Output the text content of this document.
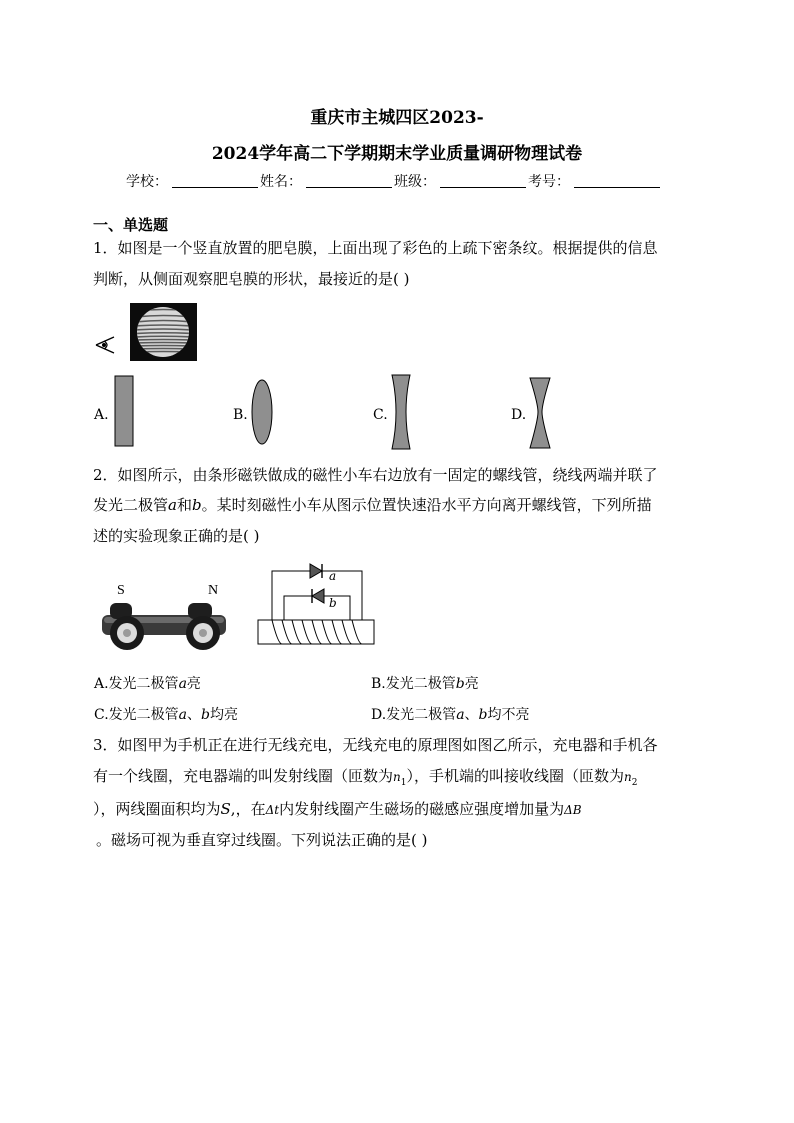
重庆市主城四区2023-
2024学年高二下学期期末学业质量调研物理试卷
学校：	姓名：	班级：	考号：
一、单选题
1．如图是一个竖直放置的肥皂膜，上面出现了彩色的上疏下密条纹。根据提供的信息
判断，从侧面观察肥皂膜的形状，最接近的是( )
A.	B.	C.	D.
2．如图所示，由条形磁铁做成的磁性小车右边放有一固定的螺线管，绕线两端并联了
发光二极管a和b。某时刻磁性小车从图示位置快速沿水平方向离开螺线管，下列所描
述的实验现象正确的是( )
S	N
a
b
A.发光二极管a亮	B.发光二极管b亮
C.发光二极管a、b均亮	D.发光二极管a、b均不亮
3．如图甲为手机正在进行无线充电，无线充电的原理图如图乙所示，充电器和手机各
有一个线圈，充电器端的叫发射线圈（匝数为$n_1$），手机端的叫接收线圈（匝数为$n_2$
），两线圈面积均为S,，在Δt内发射线圈产生磁场的磁感应强度增加量为ΔB
。磁场可视为垂直穿过线圈。下列说法正确的是( )
